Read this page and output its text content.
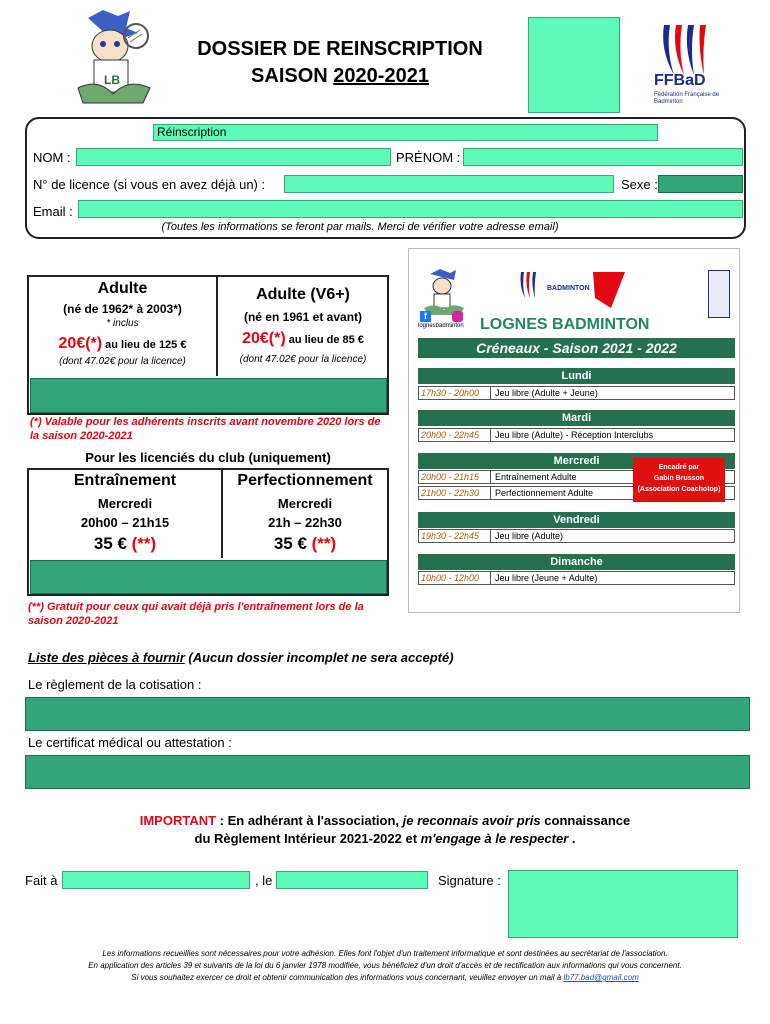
LB
DOSSIER DE REINSCRIPTION
SAISON 2020-2021	FFBaD
Fédération Française de Badminton
Réinscription
NOM :	PRÉNOM :
N° de licence (si vous en avez déjà un) :	Sexe :
Email :
(Toutes les informations se feront par mails. Merci de vérifier votre adresse email)
Adulte
(né de 1962* à 2003*)
* inclus
20€(*) au lieu de 125 €
(dont 47.02€ pour la licence)
Adulte (V6+)
(né en 1961 et avant)
20€(*) au lieu de 85 €
(dont 47.02€ pour la licence)
(*) Valable pour les adhérents inscrits avant novembre 2020 lors de la saison 2020-2021
Pour les licenciés du club (uniquement)
Entraînement
Mercredi
20h00 – 21h15
35 € (**)
Perfectionnement
Mercredi
21h – 22h30
35 € (**)
(**) Gratuit pour ceux qui avait déjà pris l'entraînement lors de la saison 2020-2021
f
lognesbadminton
BADMINTON
LOGNES BADMINTON
Créneaux - Saison 2021 - 2022
Lundi
17h30 - 20h00	Jeu libre (Adulte + Jeune)
Mardi
20h00 - 22h45	Jeu libre (Adulte) - Réception Interclubs
Mercredi
20h00 - 21h15	Entraînement Adulte
21h00 - 22h30	Perfectionnement Adulte
Encadré par
Gabin Brusson
(Association Coachotop)
Vendredi
19h30 - 22h45	Jeu libre (Adulte)
Dimanche
10h00 - 12h00	Jeu libre (Jeune + Adulte)
Liste des pièces à fournir (Aucun dossier incomplet ne sera accepté)
Le règlement de la cotisation :
Le certificat médical ou attestation :
IMPORTANT : En adhérant à l'association, je reconnais avoir pris connaissance
du Règlement Intérieur 2021-2022 et m'engage à le respecter .
Fait à	, le	Signature :
Les informations recueillies sont nécessaires pour votre adhésion. Elles font l'objet d'un traitement informatique et sont destinées au secrétariat de l'association.
En application des articles 39 et suivants de la loi du 6 janvier 1978 modifiée, vous bénéficiez d'un droit d'accès et de rectification aux informations qui vous concernent.
Si vous souhaitez exercer ce droit et obtenir communication des informations vous concernant, veuillez envoyer un mail à lb77.bad@gmail.com
